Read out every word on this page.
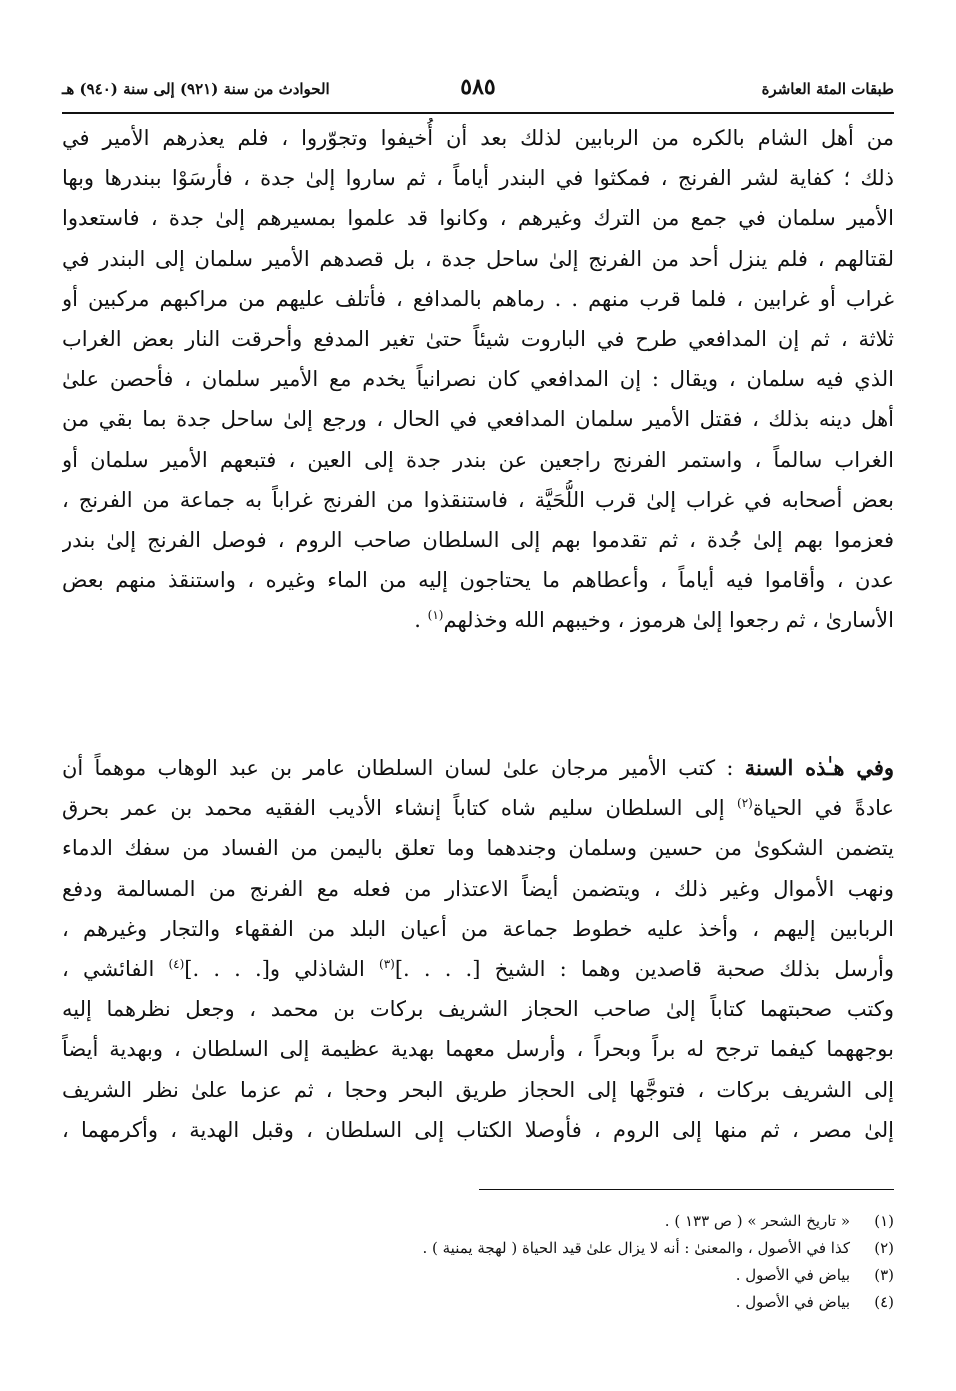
طبقات المئة العاشرة
٥٨٥
الحوادث من سنة (٩٢١) إلى سنة (٩٤٠) هـ
من أهل الشام بالكره من الربابين لذلك بعد أن أُخيفوا وتجوّروا ، فلم يعذرهم الأمير في
ذلك ؛ كفاية لشر الفرنج ، فمكثوا في البندر أياماً ، ثم ساروا إلىٰ جدة ، فأرسَوْا ببندرها وبها
الأمير سلمان في جمع من الترك وغيرهم ، وكانوا قد علموا بمسيرهم إلىٰ جدة ، فاستعدوا
لقتالهم ، فلم ينزل أحد من الفرنج إلىٰ ساحل جدة ، بل قصدهم الأمير سلمان إلى البندر في
غراب أو غرابين ، فلما قرب منهم . . رماهم بالمدافع ، فأتلف عليهم من مراكبهم مركبين أو
ثلاثة ، ثم إن المدافعي طرح في الباروت شيئاً حتىٰ تغير المدفع وأحرقت النار بعض الغراب
الذي فيه سلمان ، ويقال : إن المدافعي كان نصرانياً يخدم مع الأمير سلمان ، فأحصن علىٰ
أهل دينه بذلك ، فقتل الأمير سلمان المدافعي في الحال ، ورجع إلىٰ ساحل جدة بما بقي من
الغراب سالماً ، واستمر الفرنج راجعين عن بندر جدة إلى العين ، فتبعهم الأمير سلمان أو
بعض أصحابه في غراب إلىٰ قرب اللُّحَيَّة ، فاستنقذوا من الفرنج غراباً به جماعة من الفرنج ،
فعزموا بهم إلىٰ جُدة ، ثم تقدموا بهم إلى السلطان صاحب الروم ، فوصل الفرنج إلىٰ بندر
عدن ، وأقاموا فيه أياماً ، وأعطاهم ما يحتاجون إليه من الماء وغيره ، واستنقذ منهم بعض
الأسارىٰ ، ثم رجعوا إلىٰ هرموز ، وخيبهم الله وخذلهم$^{(١)}$ .
وفي هـٰذه السنة : كتب الأمير مرجان علىٰ لسان السلطان عامر بن عبد الوهاب موهماً أن
عادةً في الحياة$^{(٢)}$ إلى السلطان سليم شاه كتاباً إنشاء الأديب الفقيه محمد بن عمر بحرق
يتضمن الشكوىٰ من حسين وسلمان وجندهما وما تعلق باليمن من الفساد من سفك الدماء
ونهب الأموال وغير ذلك ، ويتضمن أيضاً الاعتذار من فعله مع الفرنج من المسالمة ودفع
الربابين إليهم ، وأخذ عليه خطوط جماعة من أعيان البلد من الفقهاء والتجار وغيرهم ،
وأرسل بذلك صحبة قاصدين وهما : الشيخ [. . . .]$^{(٣)}$ الشاذلي و[. . . .]$^{(٤)}$ الفائشي ،
وكتب صحبتهما كتاباً إلىٰ صاحب الحجاز الشريف بركات بن محمد ، وجعل نظرهما إليه
بوجههما كيفما ترجح له براً وبحراً ، وأرسل معهما بهدية عظيمة إلى السلطان ، وبهدية أيضاً
إلى الشريف بركات ، فتوجَّها إلى الحجاز طريق البحر وحجا ، ثم عزما علىٰ نظر الشريف
إلىٰ مصر ، ثم منها إلى الروم ، فأوصلا الكتاب إلى السلطان ، وقبل الهدية ، وأكرمهما ،
(١)« تاريخ الشحر » ( ص ١٣٣ ) .
(٢)كذا في الأصول ، والمعنىٰ : أنه لا يزال علىٰ قيد الحياة ( لهجة يمنية ) .
(٣)بياض في الأصول .
(٤)بياض في الأصول .
